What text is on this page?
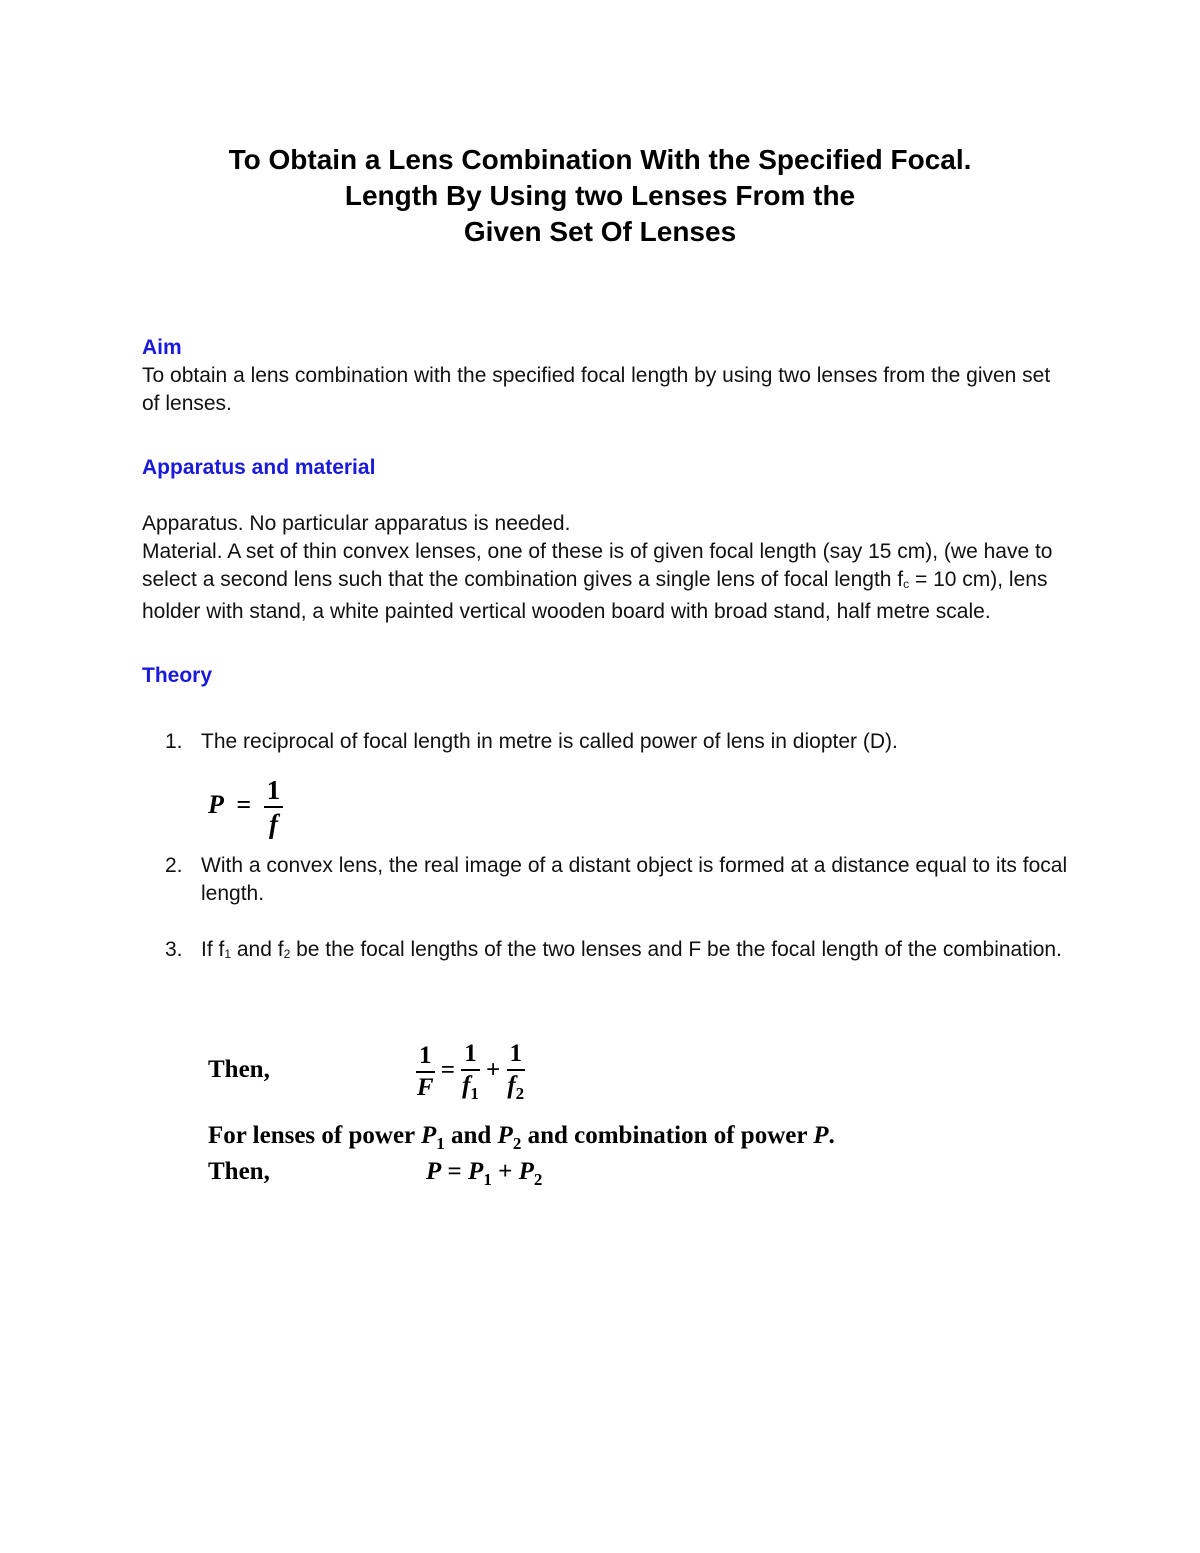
To Obtain a Lens Combination With the Specified Focal.
Length By Using two Lenses From the
Given Set Of Lenses
Aim

To obtain a lens combination with the specified focal length by using two lenses from the given set of lenses.

Apparatus and material

Apparatus. No particular apparatus is needed.

Material. A set of thin convex lenses, one of these is of given focal length (say 15 cm), (we have to select a second lens such that the combination gives a single lens of focal length fc = 10 cm), lens holder with stand, a white painted vertical wooden board with broad stand, half metre scale.

Theory
1. The reciprocal of focal length in metre is called power of lens in diopter (D).
2. With a convex lens, the real image of a distant object is formed at a distance equal to its focal length.
3. If f1 and f2 be the focal lengths of the two lenses and F be the focal length of the combination.
$P = \frac{1}{f}$
Then,	$\frac{1}{F} = \frac{1}{f_1} + \frac{1}{f_2}$
For lenses of power $P_1$ and $P_2$ and combination of power P.
Then,	$P = P_1 + P_2$
